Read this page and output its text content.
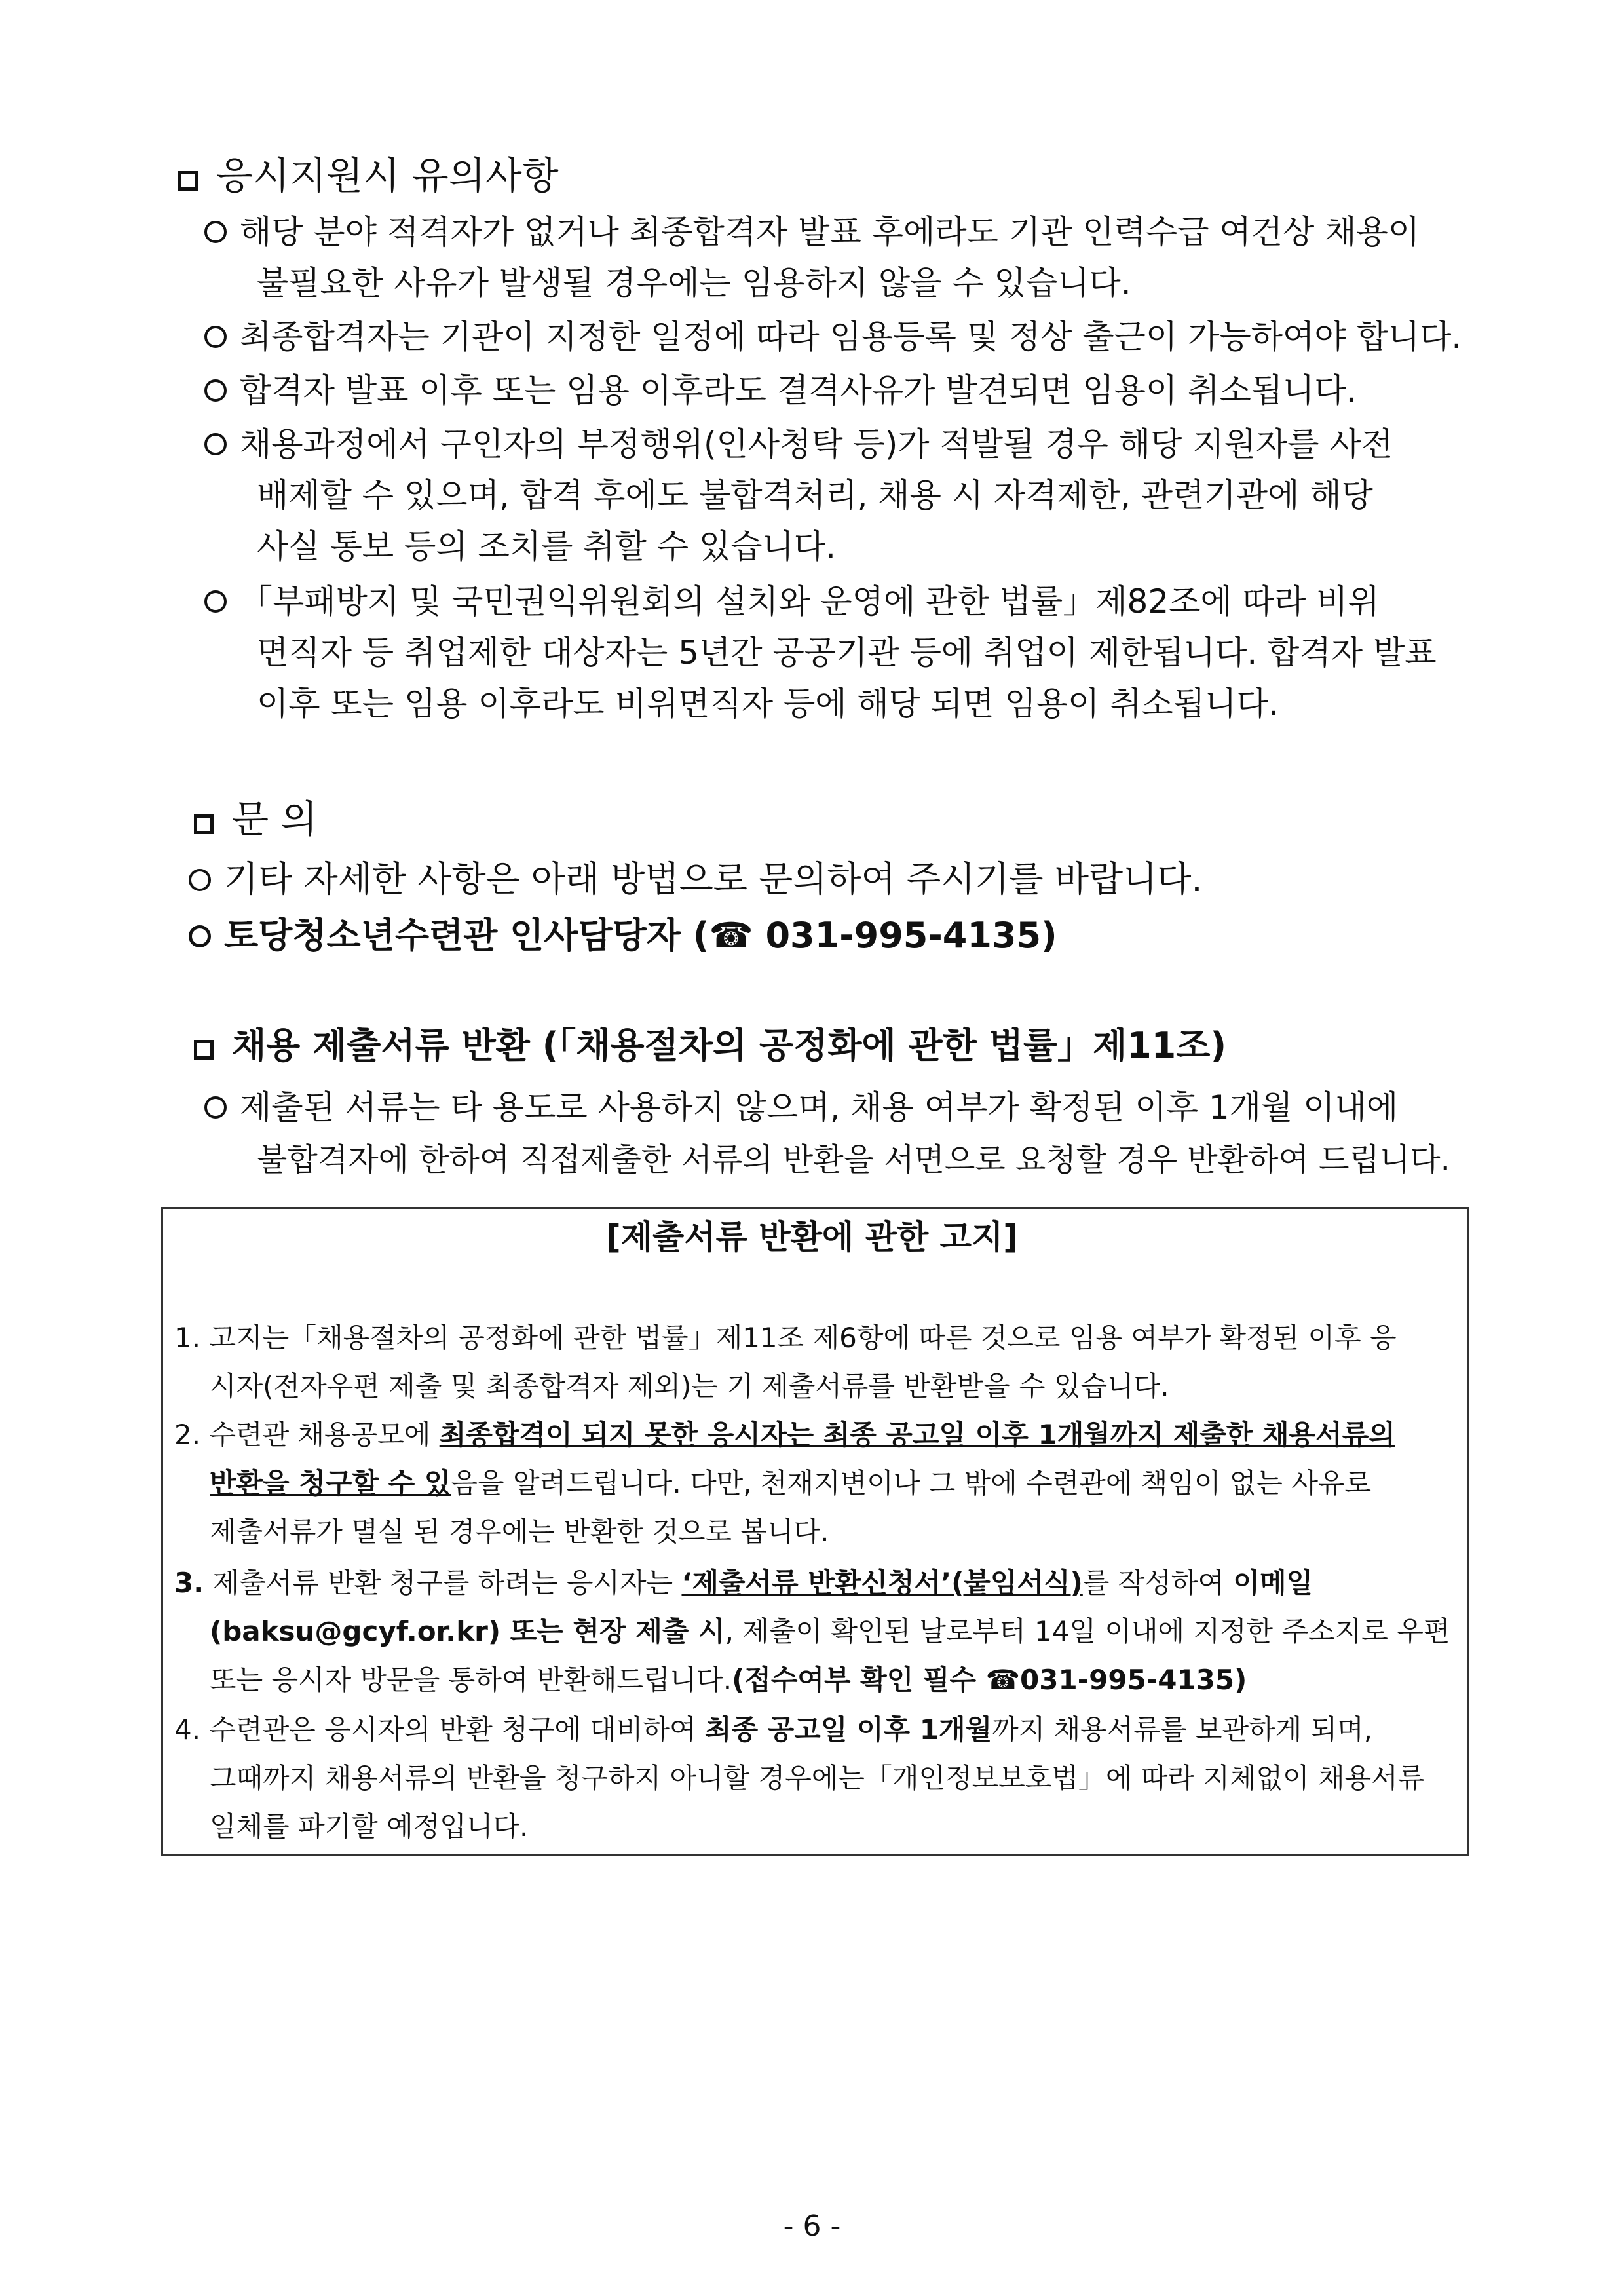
응시지원시 유의사항
해당 분야 적격자가 없거나 최종합격자 발표 후에라도 기관 인력수급 여건상 채용이
불필요한 사유가 발생될 경우에는 임용하지 않을 수 있습니다.
최종합격자는 기관이 지정한 일정에 따라 임용등록 및 정상 출근이 가능하여야 합니다.
합격자 발표 이후 또는 임용 이후라도 결격사유가 발견되면 임용이 취소됩니다.
채용과정에서 구인자의 부정행위(인사청탁 등)가 적발될 경우 해당 지원자를 사전
배제할 수 있으며, 합격 후에도 불합격처리, 채용 시 자격제한, 관련기관에 해당
사실 통보 등의 조치를 취할 수 있습니다.
「부패방지 및 국민권익위원회의 설치와 운영에 관한 법률」제82조에 따라 비위
면직자 등 취업제한 대상자는 5년간 공공기관 등에 취업이 제한됩니다. 합격자 발표
이후 또는 임용 이후라도 비위면직자 등에 해당 되면 임용이 취소됩니다.
문 의
기타 자세한 사항은 아래 방법으로 문의하여 주시기를 바랍니다.
토당청소년수련관 인사담당자 (☎ 031-995-4135)
채용 제출서류 반환 (「채용절차의 공정화에 관한 법률」제11조)
제출된 서류는 타 용도로 사용하지 않으며, 채용 여부가 확정된 이후 1개월 이내에
불합격자에 한하여 직접제출한 서류의 반환을 서면으로 요청할 경우 반환하여 드립니다.
[제출서류 반환에 관한 고지]
1. 고지는「채용절차의 공정화에 관한 법률」제11조 제6항에 따른 것으로 임용 여부가 확정된 이후 응
시자(전자우편 제출 및 최종합격자 제외)는 기 제출서류를 반환받을 수 있습니다.
2. 수련관 채용공모에 최종합격이 되지 못한 응시자는 최종 공고일 이후 1개월까지 제출한 채용서류의
반환을 청구할 수 있음을 알려드립니다. 다만, 천재지변이나 그 밖에 수련관에 책임이 없는 사유로
제출서류가 멸실 된 경우에는 반환한 것으로 봅니다.
3. 제출서류 반환 청구를 하려는 응시자는 ‘제출서류 반환신청서’(붙임서식)를 작성하여 이메일
(baksu@gcyf.or.kr) 또는 현장 제출 시, 제출이 확인된 날로부터 14일 이내에 지정한 주소지로 우편
또는 응시자 방문을 통하여 반환해드립니다.(접수여부 확인 필수 ☎031-995-4135)
4. 수련관은 응시자의 반환 청구에 대비하여 최종 공고일 이후 1개월까지 채용서류를 보관하게 되며,
그때까지 채용서류의 반환을 청구하지 아니할 경우에는「개인정보보호법」에 따라 지체없이 채용서류
일체를 파기할 예정입니다.
- 6 -
